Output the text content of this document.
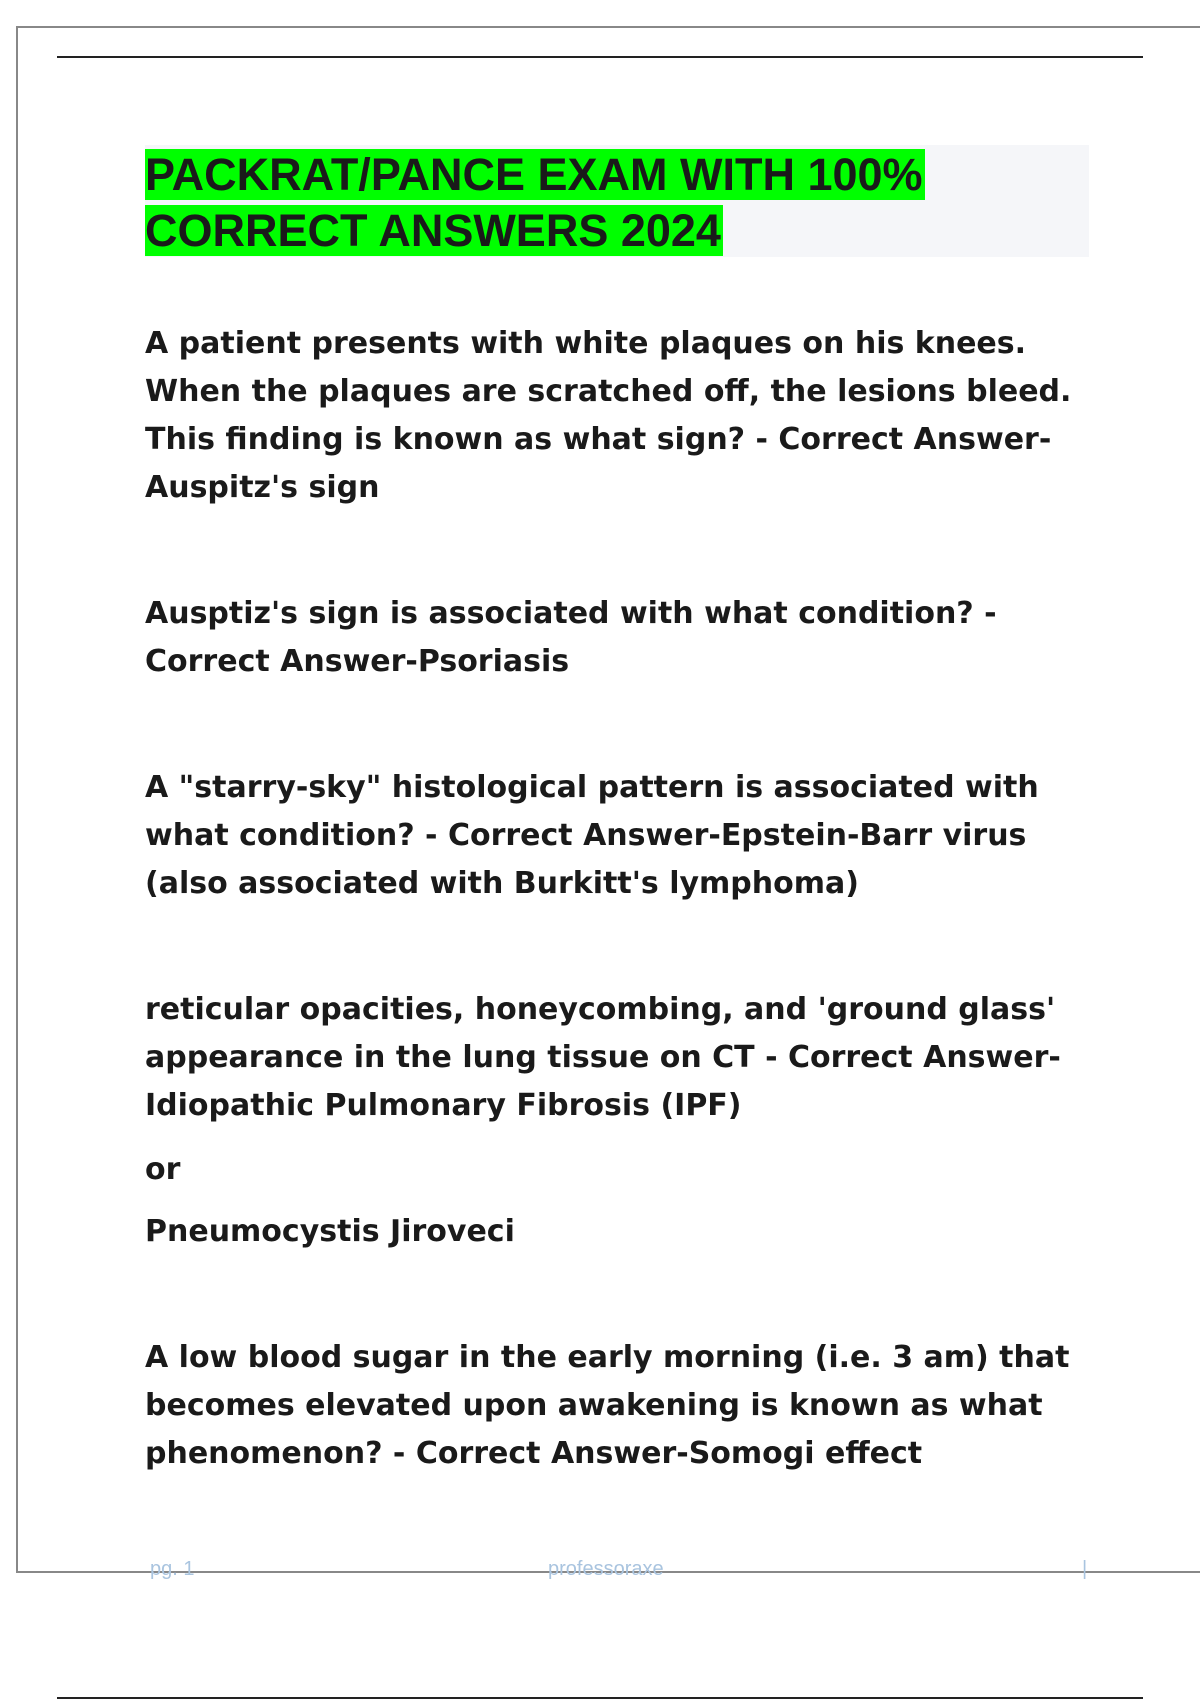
PACKRAT/PANCE EXAM WITH 100% CORRECT ANSWERS 2024

A patient presents with white plaques on his knees. When the plaques are scratched off, the lesions bleed. This finding is known as what sign? - Correct Answer-Auspitz's sign

Ausptiz's sign is associated with what condition? - Correct Answer-Psoriasis

A "starry-sky" histological pattern is associated with what condition? - Correct Answer-Epstein-Barr virus (also associated with Burkitt's lymphoma)

reticular opacities, honeycombing, and 'ground glass' appearance in the lung tissue on CT - Correct Answer-Idiopathic Pulmonary Fibrosis (IPF)

or

Pneumocystis Jiroveci

A low blood sugar in the early morning (i.e. 3 am) that becomes elevated upon awakening is known as what phenomenon? - Correct Answer-Somogi effect

pg. 1	professoraxe	|
